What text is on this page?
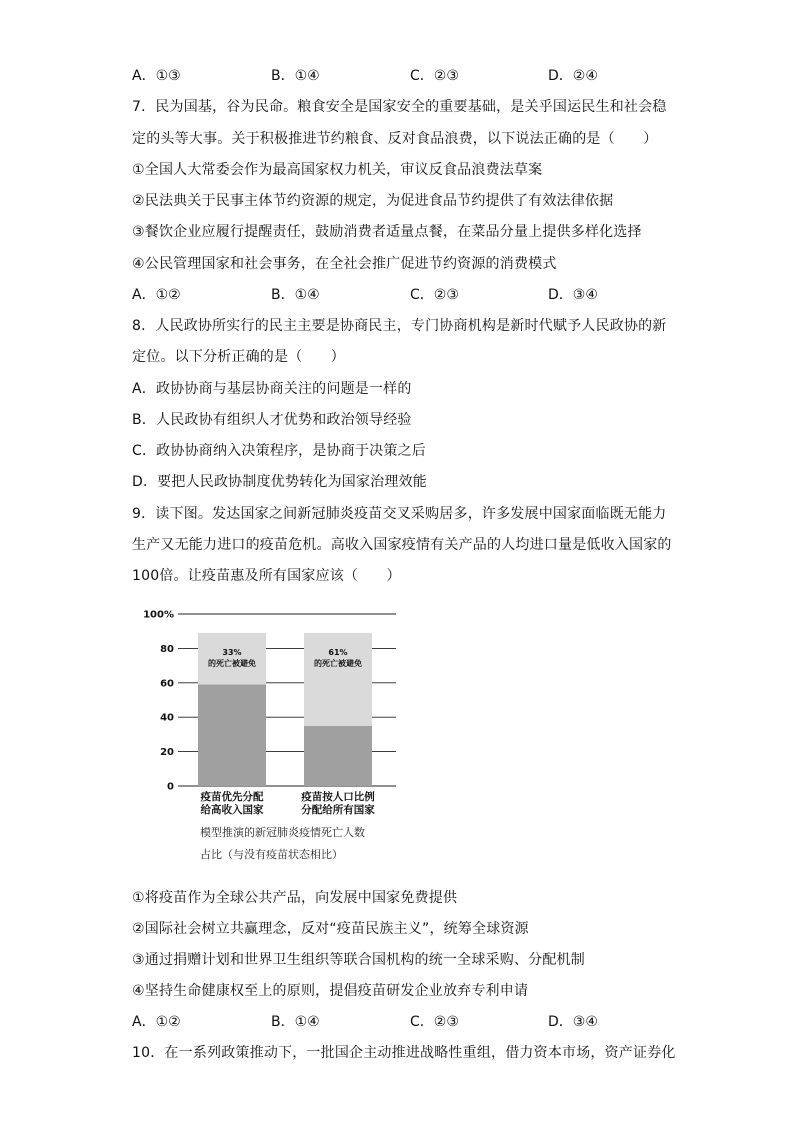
A．①③	B．①④	C．②③	D．②④
7．民为国基，谷为民命。粮食安全是国家安全的重要基础，是关乎国运民生和社会稳
定的头等大事。关于积极推进节约粮食、反对食品浪费，以下说法正确的是（　　）
①全国人大常委会作为最高国家权力机关，审议反食品浪费法草案
②民法典关于民事主体节约资源的规定，为促进食品节约提供了有效法律依据
③餐饮企业应履行提醒责任，鼓励消费者适量点餐，在菜品分量上提供多样化选择
④公民管理国家和社会事务，在全社会推广促进节约资源的消费模式
A．①②	B．①④	C．②③	D．③④
8．人民政协所实行的民主主要是协商民主，专门协商机构是新时代赋予人民政协的新
定位。以下分析正确的是（　　）
A．政协协商与基层协商关注的问题是一样的
B．人民政协有组织人才优势和政治领导经验
C．政协协商纳入决策程序，是协商于决策之后
D．要把人民政协制度优势转化为国家治理效能
9．读下图。发达国家之间新冠肺炎疫苗交叉采购居多，许多发展中国家面临既无能力
生产又无能力进口的疫苗危机。高收入国家疫情有关产品的人均进口量是低收入国家的
100倍。让疫苗惠及所有国家应该（　　）
0
20
40
60
80
100%
33%
的死亡被避免
61%
的死亡被避免
疫苗优先分配
给高收入国家
疫苗按人口比例
分配给所有国家
模型推演的新冠肺炎疫情死亡人数
占比（与没有疫苗状态相比）
①将疫苗作为全球公共产品，向发展中国家免费提供
②国际社会树立共赢理念，反对“疫苗民族主义”，统筹全球资源
③通过捐赠计划和世界卫生组织等联合国机构的统一全球采购、分配机制
④坚持生命健康权至上的原则，提倡疫苗研发企业放弃专利申请
A．①②	B．①④	C．②③	D．③④
10．在一系列政策推动下，一批国企主动推进战略性重组，借力资本市场，资产证券化
